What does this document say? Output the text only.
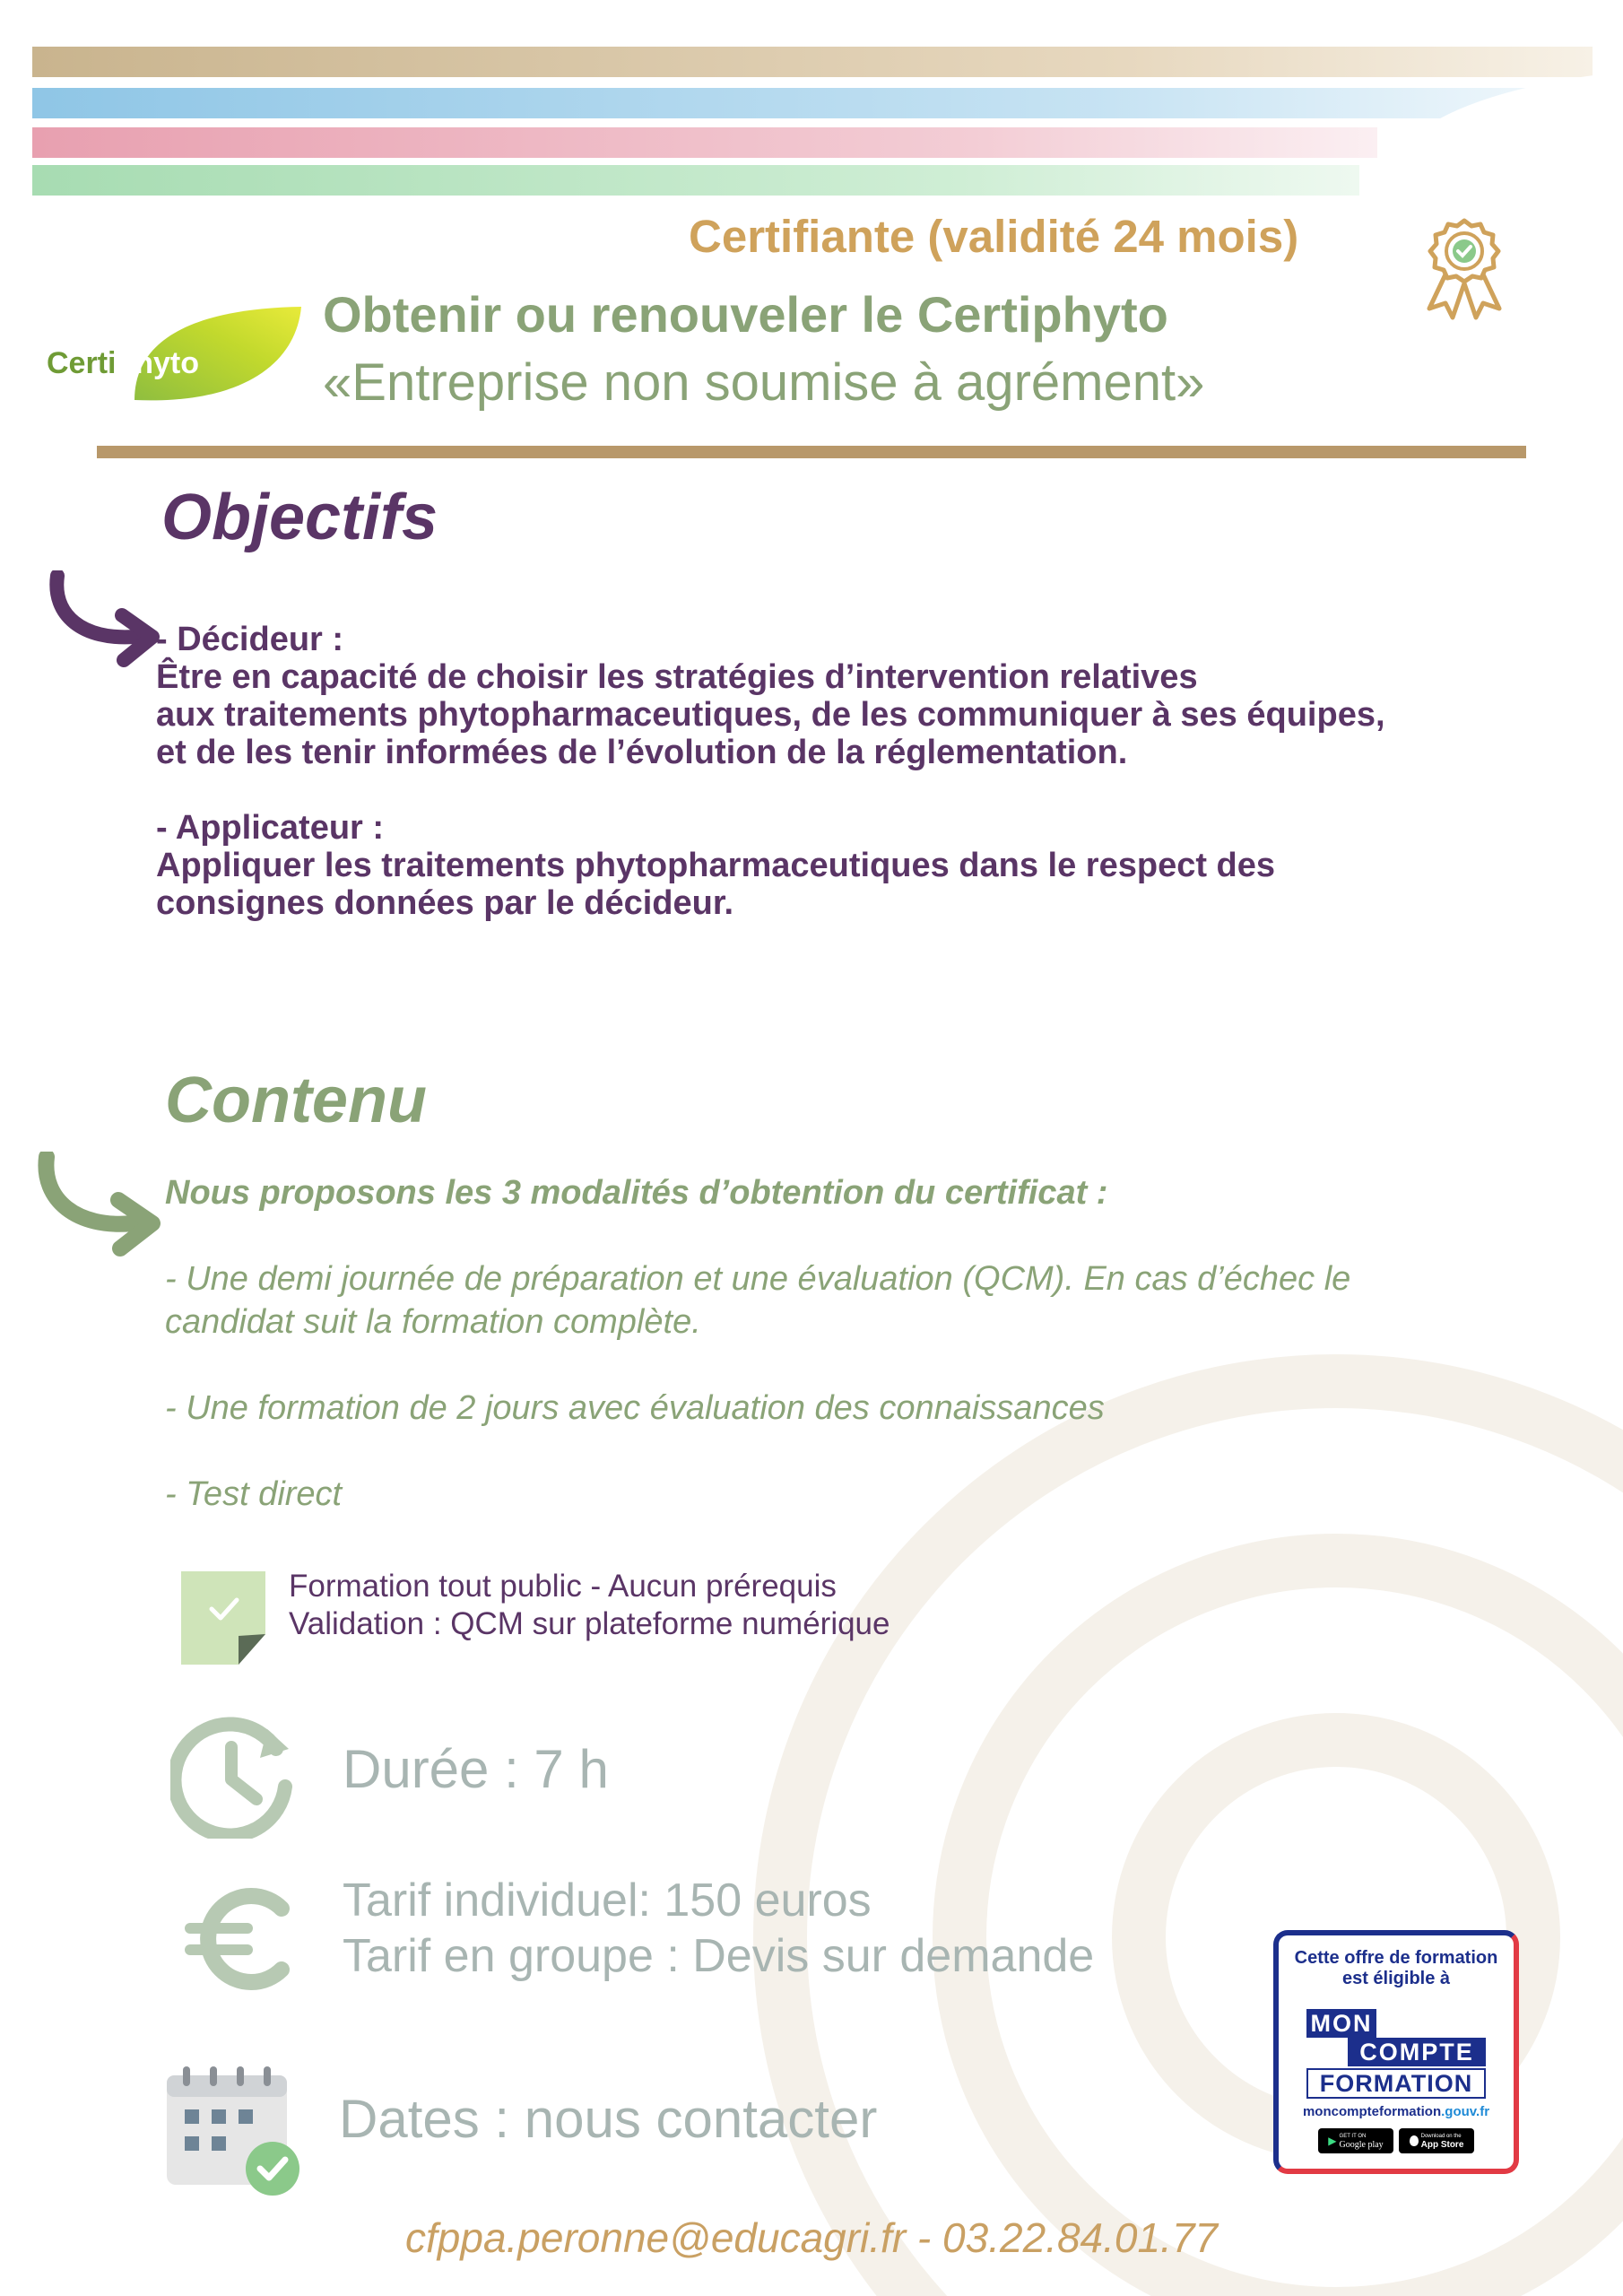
Certifiante (validité 24 mois)
Certiphyto
Obtenir ou renouveler le Certiphyto
«Entreprise non soumise à agrément»
Objectifs
- Décideur :
Être en capacité de choisir les stratégies d’intervention relatives
aux traitements phytopharmaceutiques, de les communiquer à ses équipes,
et de les tenir informées de l’évolution de la réglementation.
- Applicateur :
Appliquer les traitements phytopharmaceutiques dans le respect des
consignes données par le décideur.
Contenu
Nous proposons les 3 modalités d’obtention du certificat :
- Une demi journée de préparation et une évaluation (QCM). En cas d’échec le
candidat suit la formation complète.
- Une formation de 2 jours avec évaluation des connaissances
- Test direct
Formation tout public - Aucun prérequis
Validation : QCM sur plateforme numérique
Durée : 7 h
Tarif individuel: 150 euros
Tarif en groupe : Devis sur demande
Dates : nous contacter
Cette offre de formation
est éligible à
MON
COMPTE
FORMATION
moncompteformation.gouv.fr
▶ GET IT ON
Google play
Download on the
App Store
cfppa.peronne@educagri.fr - 03.22.84.01.77
